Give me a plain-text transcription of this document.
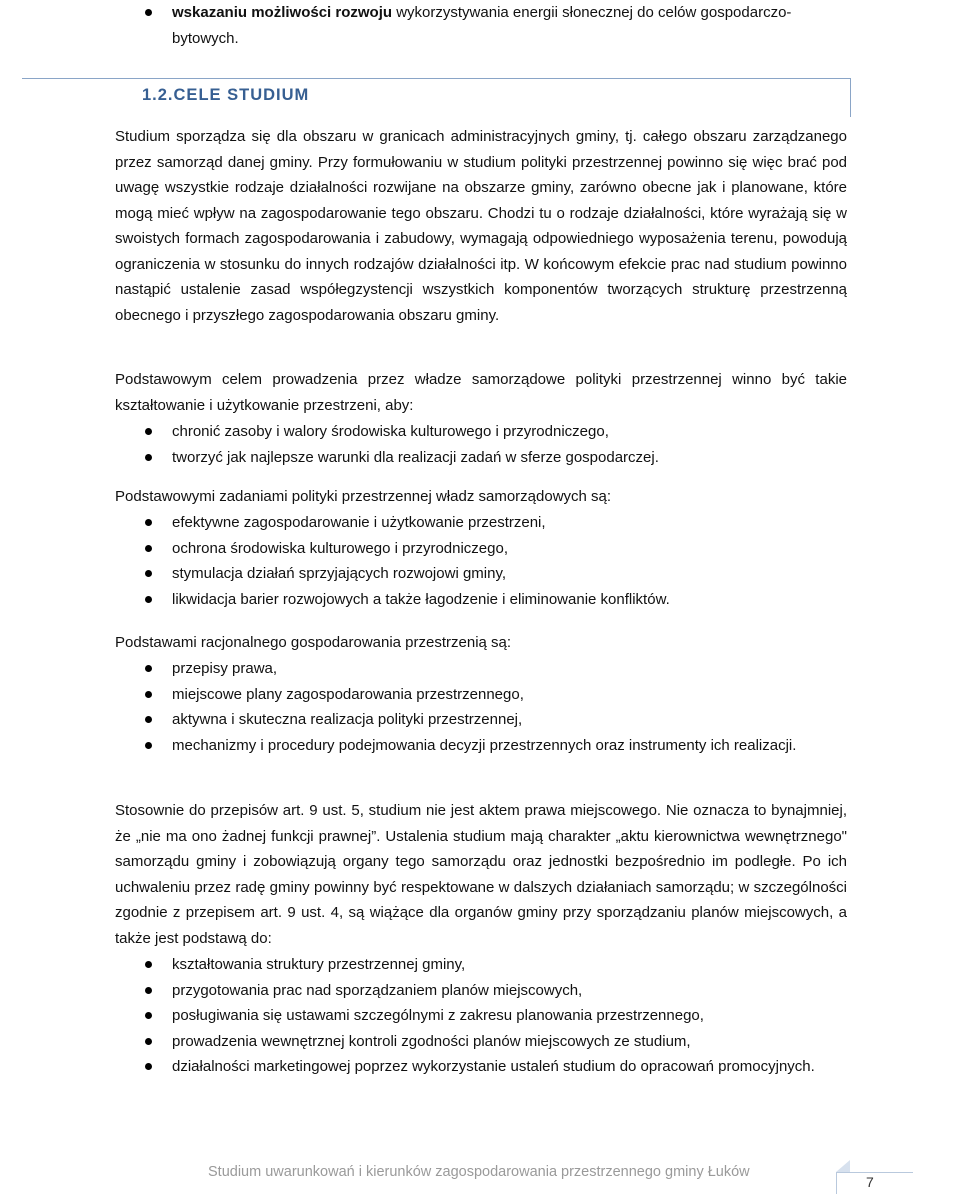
wskazaniu możliwości rozwoju wykorzystywania energii słonecznej do celów gospodarczo-
bytowych.

Studium sporządza się dla obszaru w granicach administracyjnych gminy, tj. całego obszaru zarządzanego przez samorząd danej gminy. Przy formułowaniu w studium polityki przestrzennej powinno się więc brać pod uwagę wszystkie rodzaje działalności rozwijane na obszarze gminy, zarówno obecne jak i planowane, które mogą mieć wpływ na zagospodarowanie tego obszaru. Chodzi tu o rodzaje działalności, które wyrażają się w swoistych formach zagospodarowania i zabudowy, wymagają odpowiedniego wyposażenia terenu, powodują ograniczenia w stosunku do innych rodzajów działalności itp. W końcowym efekcie prac nad studium powinno nastąpić ustalenie zasad współegzystencji wszystkich komponentów tworzących strukturę przestrzenną obecnego i przyszłego zagospodarowania obszaru gminy.

Podstawowym celem prowadzenia przez władze samorządowe polityki przestrzennej winno być takie kształtowanie i użytkowanie przestrzeni, aby:

chronić zasoby i walory środowiska kulturowego i przyrodniczego,
tworzyć jak najlepsze warunki dla realizacji zadań w sferze gospodarczej.

Podstawowymi zadaniami polityki przestrzennej władz samorządowych są:

efektywne zagospodarowanie i użytkowanie przestrzeni,
ochrona środowiska kulturowego i przyrodniczego,
stymulacja działań sprzyjających rozwojowi gminy,
likwidacja barier rozwojowych a także łagodzenie i eliminowanie konfliktów.

Podstawami racjonalnego gospodarowania przestrzenią są:

przepisy prawa,
miejscowe plany zagospodarowania przestrzennego,
aktywna i skuteczna realizacja polityki przestrzennej,
mechanizmy i procedury podejmowania decyzji przestrzennych oraz instrumenty ich realizacji.

Stosownie do przepisów art. 9 ust. 5, studium nie jest aktem prawa miejscowego. Nie oznacza to bynajmniej, że „nie ma ono żadnej funkcji prawnej”. Ustalenia studium mają charakter „aktu kierownictwa wewnętrznego" samorządu gminy i zobowiązują organy tego samorządu oraz jednostki bezpośrednio im podległe. Po ich uchwaleniu przez radę gminy powinny być respektowane w dalszych działaniach samorządu; w szczególności zgodnie z przepisem art. 9 ust. 4, są wiążące dla organów gminy przy sporządzaniu planów miejscowych, a także jest podstawą do:

kształtowania struktury przestrzennej gminy,
przygotowania prac nad sporządzaniem planów miejscowych,
posługiwania się ustawami szczególnymi z zakresu planowania przestrzennego,
prowadzenia wewnętrznej kontroli zgodności planów miejscowych ze studium,
działalności marketingowej poprzez wykorzystanie ustaleń studium do opracowań promocyjnych.
1.2.CELE STUDIUM
Studium uwarunkowań i kierunków zagospodarowania przestrzennego gminy Łuków
7
